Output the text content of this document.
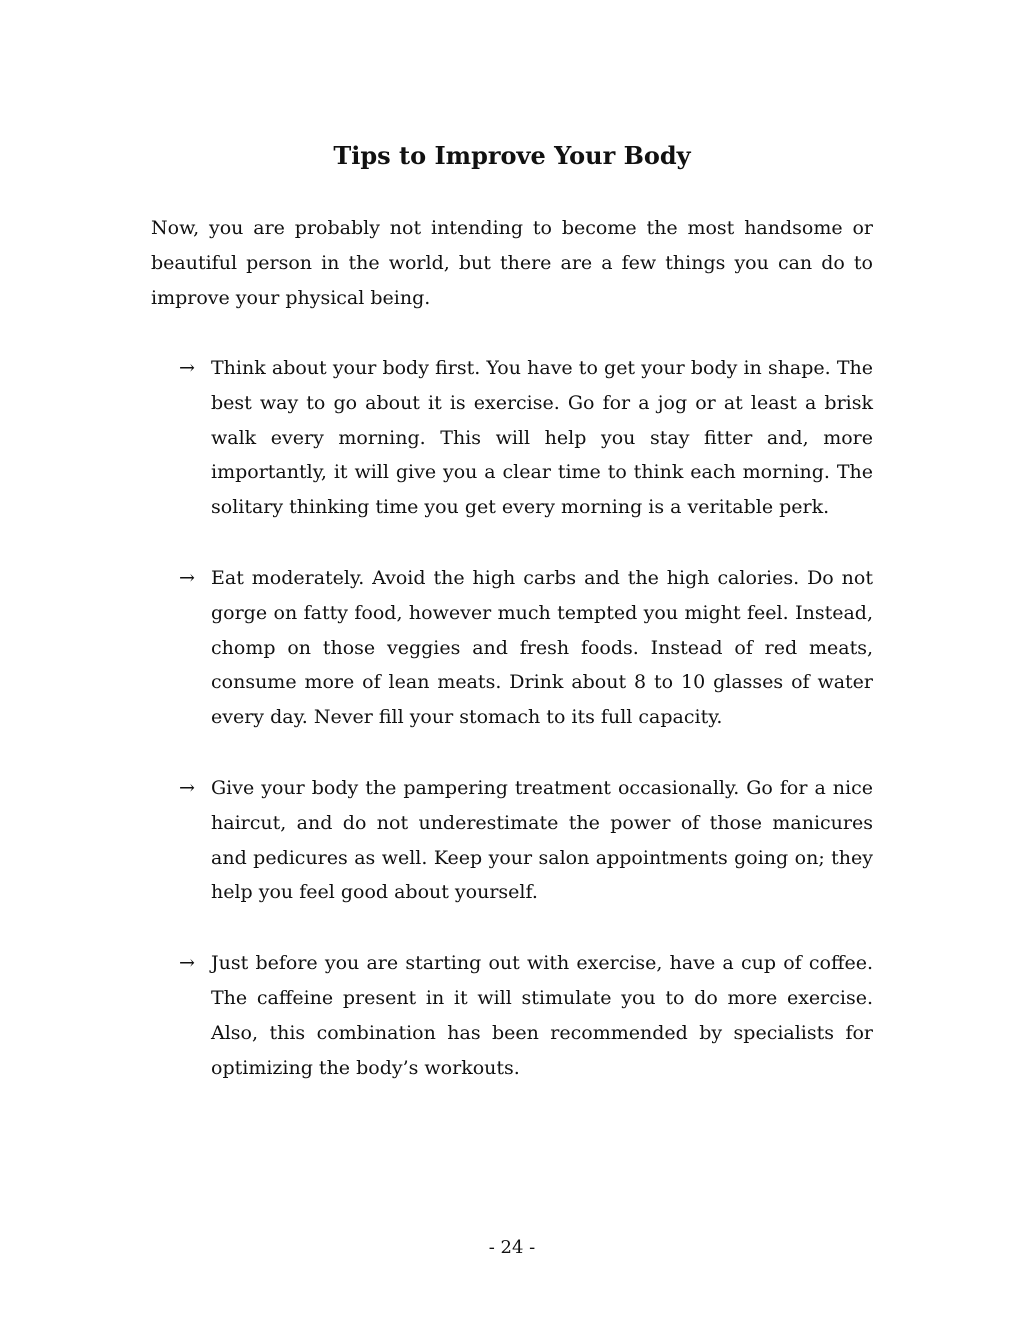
Tips to Improve Your Body

Now, you are probably not intending to become the most handsome or beautiful person in the world, but there are a few things you can do to improve your physical being.

→ Think about your body first. You have to get your body in shape. The best way to go about it is exercise. Go for a jog or at least a brisk walk every morning. This will help you stay fitter and, more importantly, it will give you a clear time to think each morning. The solitary thinking time you get every morning is a veritable perk.
→ Eat moderately. Avoid the high carbs and the high calories. Do not gorge on fatty food, however much tempted you might feel. Instead, chomp on those veggies and fresh foods. Instead of red meats, consume more of lean meats. Drink about 8 to 10 glasses of water every day. Never fill your stomach to its full capacity.
→ Give your body the pampering treatment occasionally. Go for a nice haircut, and do not underestimate the power of those manicures and pedicures as well. Keep your salon appointments going on; they help you feel good about yourself.
→ Just before you are starting out with exercise, have a cup of coffee. The caffeine present in it will stimulate you to do more exercise. Also, this combination has been recommended by specialists for optimizing the body’s workouts.
- 24 -
